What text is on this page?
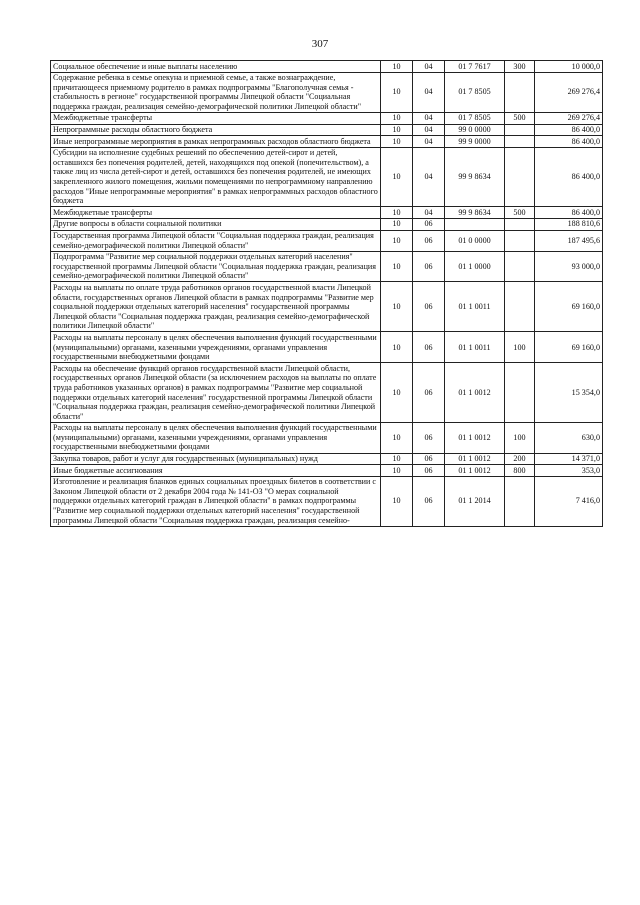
307
Социальное обеспечение и иные выплаты населению	10	04	01 7 7617	300	10 000,0
Содержание ребенка в семье опекуна и приемной семье, а также вознаграждение, причитающееся приемному родителю в рамках подпрограммы "Благополучная семья - стабильность в регионе" государственной программы Липецкой области "Социальная поддержка граждан, реализация семейно-демографической политики Липецкой области"	10	04	01 7 8505		269 276,4
Межбюджетные трансферты	10	04	01 7 8505	500	269 276,4
Непрограммные расходы областного бюджета	10	04	99 0 0000		86 400,0
Иные непрограммные мероприятия в рамках непрограммных расходов областного бюджета	10	04	99 9 0000		86 400,0
Субсидии на исполнение судебных решений по обеспечению детей-сирот и детей, оставшихся без попечения родителей, детей, находящихся под опекой (попечительством), а также лиц из числа детей-сирот и детей, оставшихся без попечения родителей, не имеющих закрепленного жилого помещения, жильми помещениями по непрограммному направлению расходов "Иные непрограммные мероприятия" в рамках непрограммных расходов областного бюджета	10	04	99 9 8634		86 400,0
Межбюджетные трансферты	10	04	99 9 8634	500	86 400,0
Другие вопросы в области социальной политики	10	06			188 810,6
Государственная программа Липецкой области "Социальная поддержка граждан, реализация семейно-демографической политики Липецкой области"	10	06	01 0 0000		187 495,6
Подпрограмма "Развитие мер социальной поддержки отдельных категорий населения" государственной программы Липецкой области "Социальная поддержка граждан, реализация семейно-демографической политики Липецкой области"	10	06	01 1 0000		93 000,0
Расходы на выплаты по оплате труда работников органов государственной власти Липецкой области, государственных органов Липецкой области в рамках подпрограммы "Развитие мер социальной поддержки отдельных категорий населения" государственной программы Липецкой области "Социальная поддержка граждан, реализация семейно-демографической политики Липецкой области"	10	06	01 1 0011		69 160,0
Расходы на выплаты персоналу в целях обеспечения выполнения функций государственными (муниципальными) органами, казенными учреждениями, органами управления государственными внебюджетными фондами	10	06	01 1 0011	100	69 160,0
Расходы на обеспечение функций органов государственной власти Липецкой области, государственных органов Липецкой области (за исключением расходов на выплаты по оплате труда работников указанных органов) в рамках подпрограммы "Развитие мер социальной поддержки отдельных категорий населения" государственной программы Липецкой области "Социальная поддержка граждан, реализация семейно-демографической политики Липецкой области"	10	06	01 1 0012		15 354,0
Расходы на выплаты персоналу в целях обеспечения выполнения функций государственными (муниципальными) органами, казенными учреждениями, органами управления государственными внебюджетными фондами	10	06	01 1 0012	100	630,0
Закупка товаров, работ и услуг для государственных (муниципальных) нужд	10	06	01 1 0012	200	14 371,0
Иные бюджетные ассигнования	10	06	01 1 0012	800	353,0
Изготовление и реализация бланков единых социальных проездных билетов в соответствии с Законом Липецкой области от 2 декабря 2004 года № 141-ОЗ "О мерах социальной поддержки отдельных категорий граждан в Липецкой области" в рамках подпрограммы "Развитие мер социальной поддержки отдельных категорий населения" государственной программы Липецкой области "Социальная поддержка граждан, реализация семейно-	10	06	01 1 2014		7 416,0
